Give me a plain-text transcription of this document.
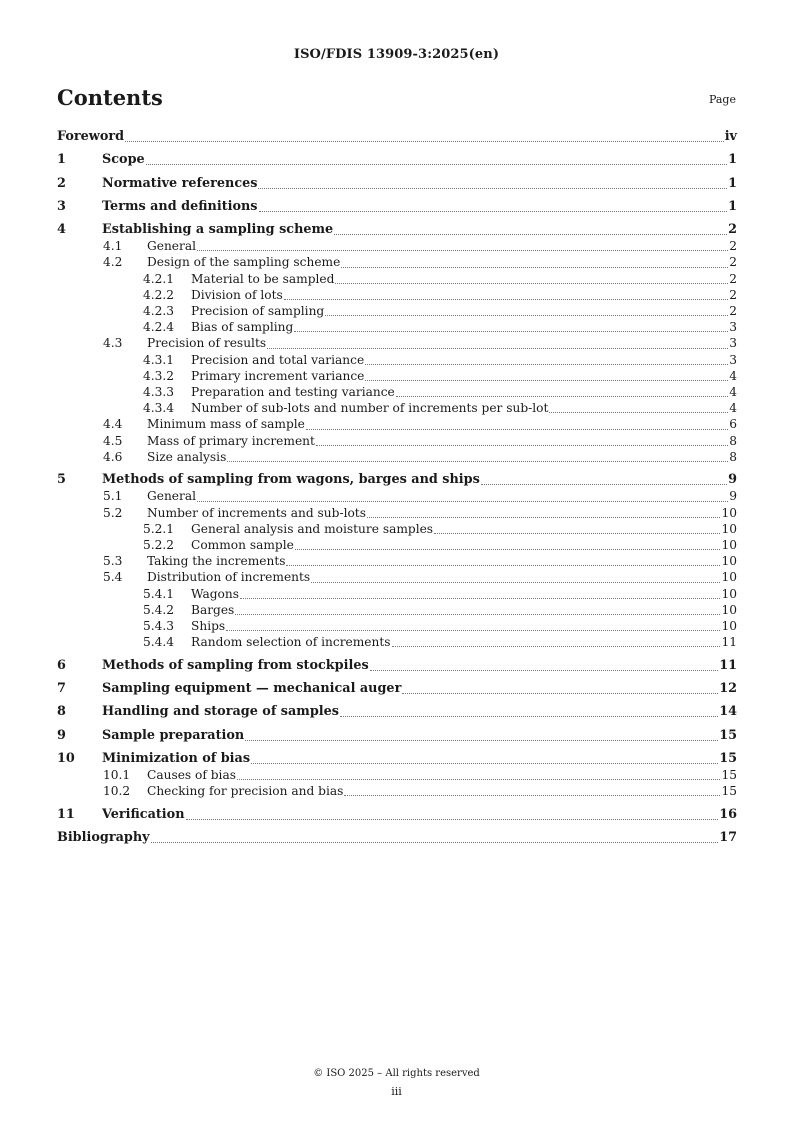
ISO/FDIS 13909-3:2025(en)
Contents	Page
Foreword	iv
1	Scope	1
2	Normative references	1
3	Terms and definitions	1
4	Establishing a sampling scheme	2
4.1	General	2
4.2	Design of the sampling scheme	2
4.2.1	Material to be sampled	2
4.2.2	Division of lots	2
4.2.3	Precision of sampling	2
4.2.4	Bias of sampling	3
4.3	Precision of results	3
4.3.1	Precision and total variance	3
4.3.2	Primary increment variance	4
4.3.3	Preparation and testing variance	4
4.3.4	Number of sub-lots and number of increments per sub-lot	4
4.4	Minimum mass of sample	6
4.5	Mass of primary increment	8
4.6	Size analysis	8
5	Methods of sampling from wagons, barges and ships	9
5.1	General	9
5.2	Number of increments and sub-lots	10
5.2.1	General analysis and moisture samples	10
5.2.2	Common sample	10
5.3	Taking the increments	10
5.4	Distribution of increments	10
5.4.1	Wagons	10
5.4.2	Barges	10
5.4.3	Ships	10
5.4.4	Random selection of increments	11
6	Methods of sampling from stockpiles	11
7	Sampling equipment — mechanical auger	12
8	Handling and storage of samples	14
9	Sample preparation	15
10	Minimization of bias	15
10.1	Causes of bias	15
10.2	Checking for precision and bias	15
11	Verification	16
Bibliography	17
© ISO 2025 – All rights reserved
iii
